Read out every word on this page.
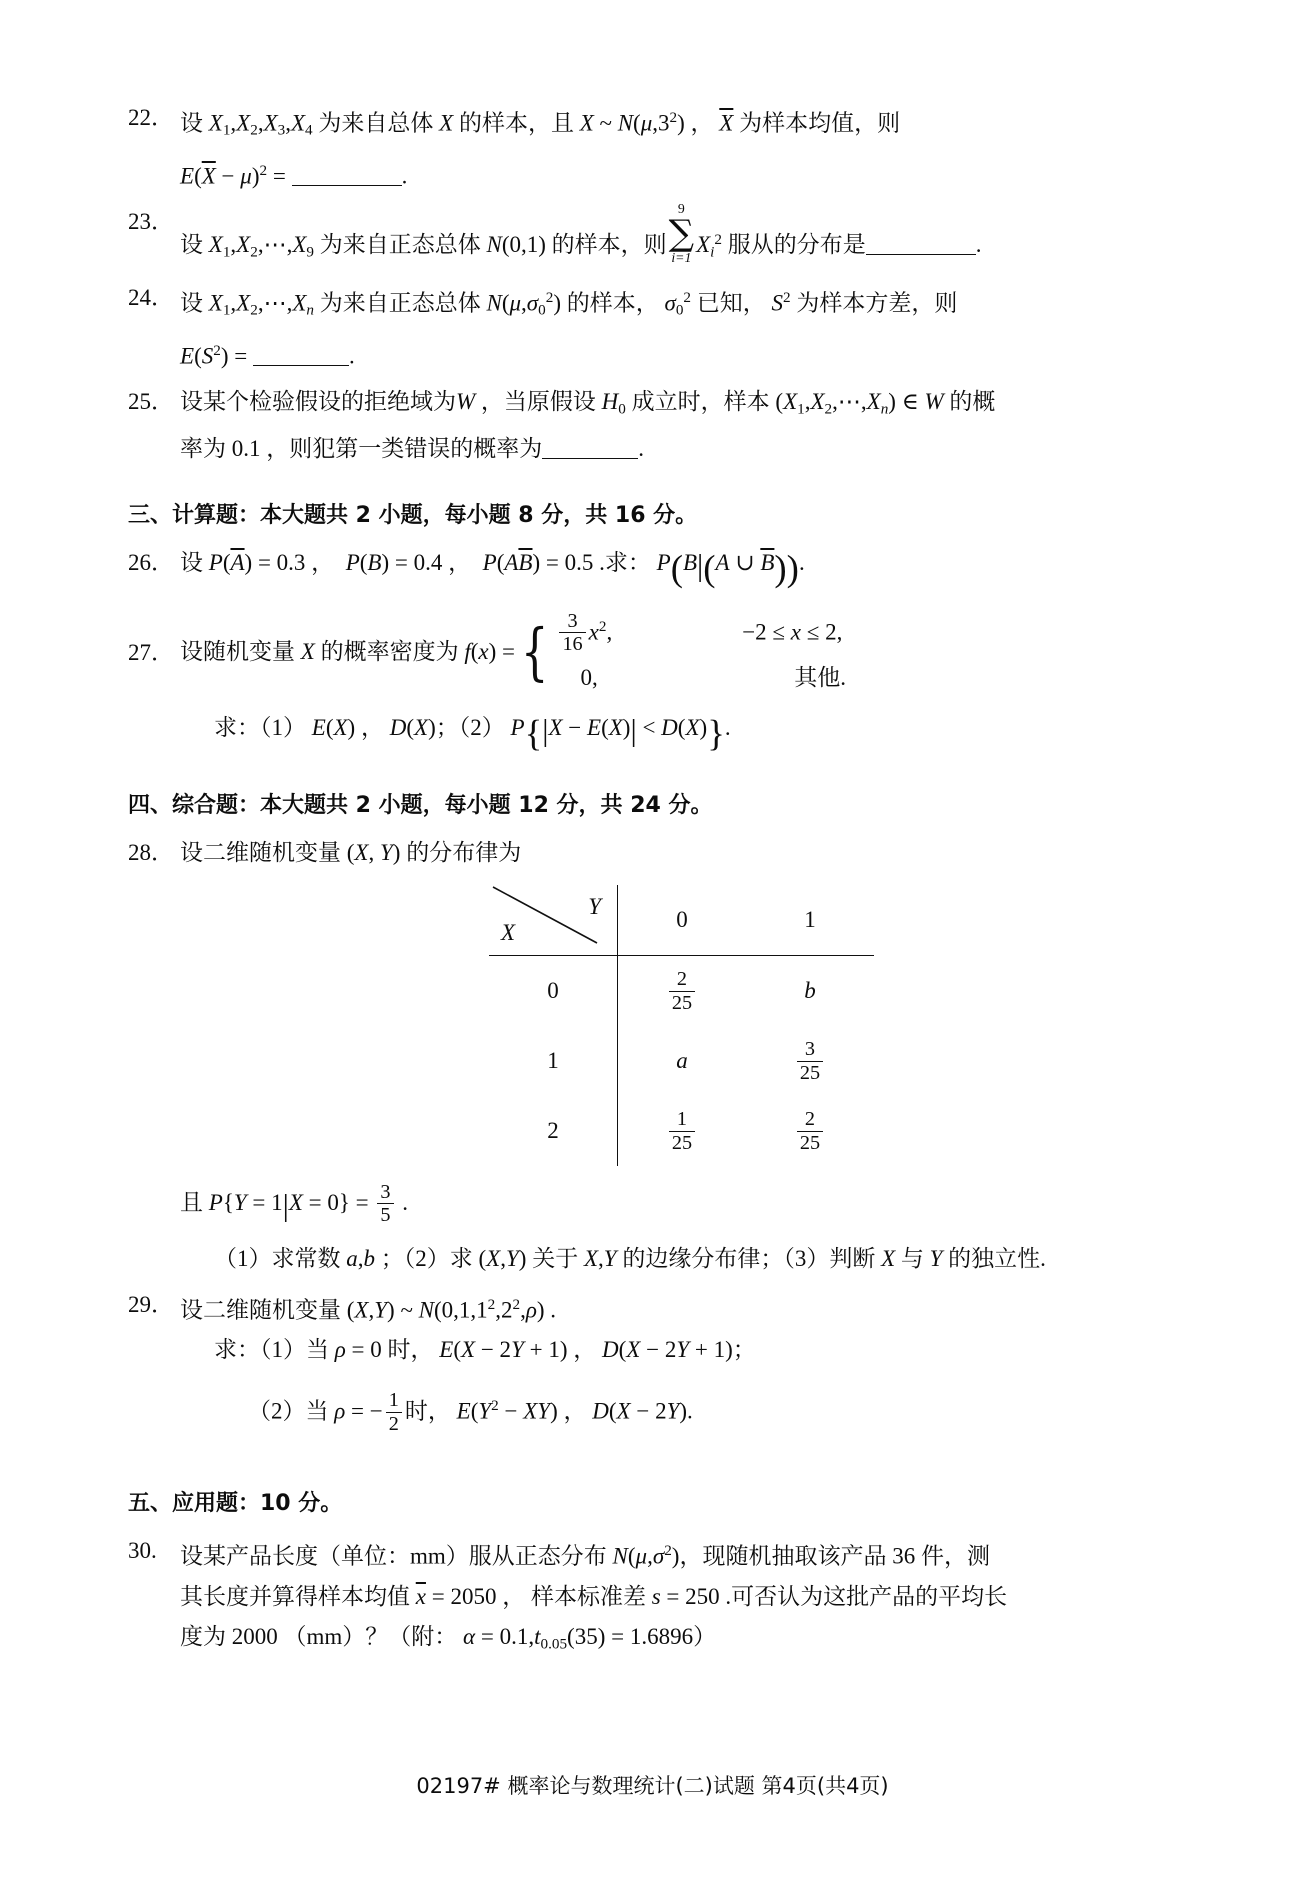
22． 设 X1,X2,X3,X4 为来自总体 X 的样本，且 X ~ $N(\mu,3^2)$ ， $\overline{X}$ 为样本均值，则
$E(\overline{X} - \mu)^2$ =	.
23．
设 X1,X2,⋯,X9 为来自正态总体 N(0,1) 的样本，则
9
∑
i=1
$X_i^2$ 服从的分布是	.
24． 设 $X1,X2,\cdots,X_n$ 为来自正态总体 $N(\mu,\sigma 0^2)$ 的样本， $\sigma 0^2$ 已知， $S^2$ 为样本方差，则
$E(S^2)$ =	.
25． 设某个检验假设的拒绝域为W ，当原假设 H0 成立时，样本 $(X1,X2,\cdots,X_n)$ ∈ W 的概
率为 0.1 ，则犯第一类错误的概率为	.
三、计算题：本大题共 2 小题，每小题 8 分，共 16 分。
26． 设 $P(\overline{A}) = 0.3$ ，  P(B) = 0.4 ，  $P(A\overline{B}) = 0.5$ .求： P(B|(A ∪ $\overline{B}$)).
27． 设随机变量 X 的概率密度为 f(x) = { $\frac{3}{16} x^2$,	−2 ≤ x ≤ 2,
0,	其他.
求：（1） E(X) ， D(X)；（2） P{|X − E(X)| < D(X)}.
四、综合题：本大题共 2 小题，每小题 12 分，共 24 分。
28． 设二维随机变量 (X, Y) 的分布律为
Y
X	0	1
0	$\frac{2}{25}$	b
1	a	$\frac{3}{25}$

2	$\frac{1}{25}$	$\frac{2}{25}$
且 $P\{Y = 1|X = 0\} = \frac{3}{5}$ .
（1）求常数 a,b ；（2）求 (X,Y) 关于 X,Y 的边缘分布律；（3）判断 X 与 Y 的独立性.
29． 设二维随机变量 (X,Y) ~ $N(0,1,1^2,2^2,\rho)$ .
求：（1）当 ρ = 0 时， E(X − 2Y + 1) ， D(X − 2Y + 1)；
（2）当 ρ = − $\frac{1}{2}$ 时， $E(Y^2 - XY)$ ， D(X − 2Y).
五、应用题：10 分。
30.	设某产品长度（单位：mm）服从正态分布 $N(\mu,\sigma^2)$，现随机抽取该产品 36 件，测
其长度并算得样本均值 $\overline{x} = 2050$ ， 样本标准差 s = 250 .可否认为这批产品的平均长
度为 2000 （mm）？（附： α = 0.1,t0.05(35) = 1.6896）
02197# 概率论与数理统计(二)试题 第4页(共4页)
